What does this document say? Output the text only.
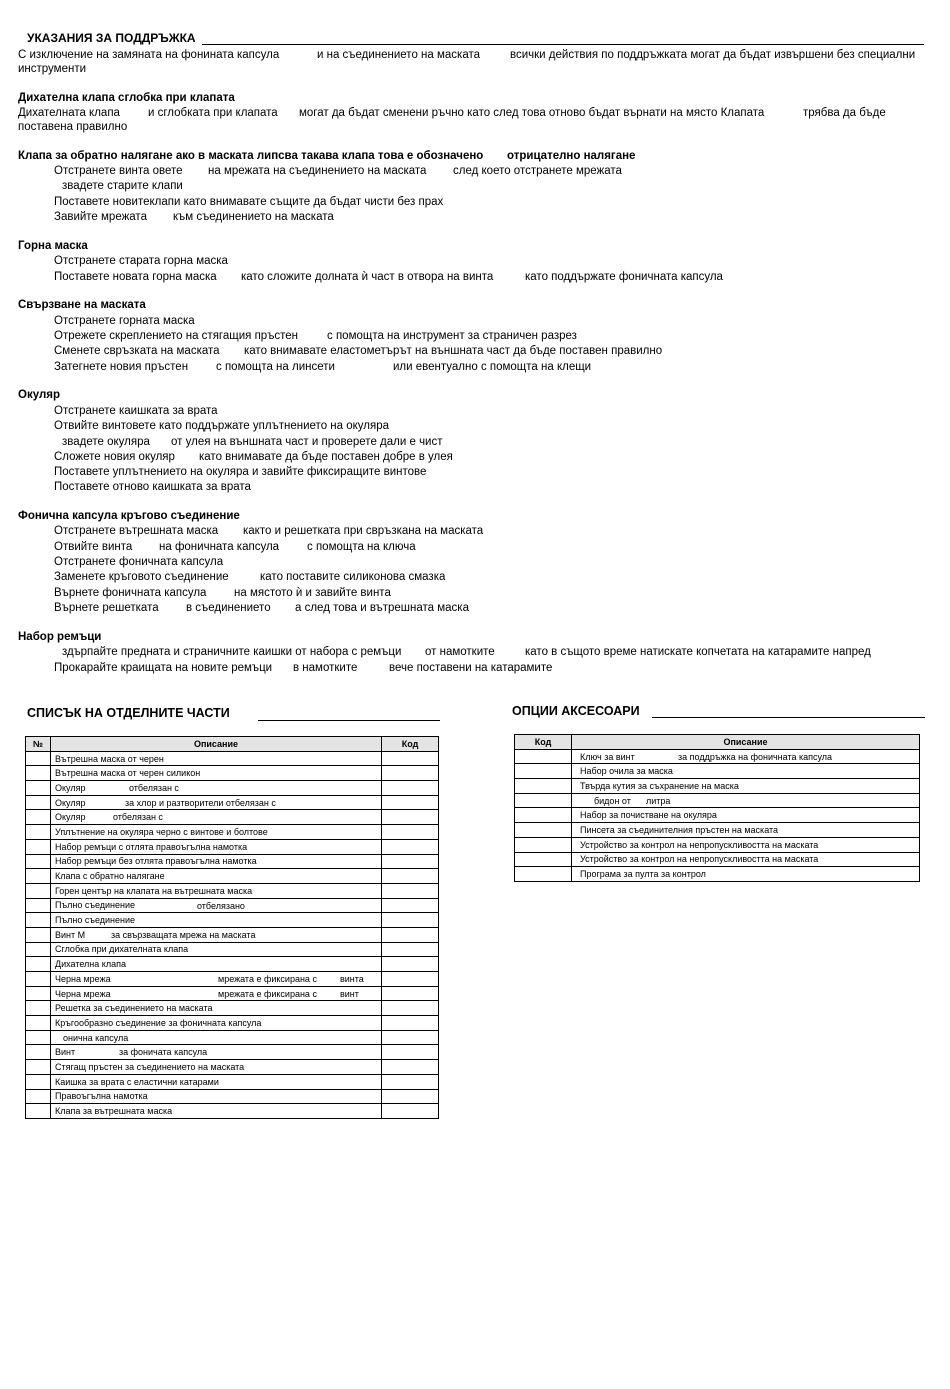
УКАЗАНИЯ ЗА ПОДДРЪЖКА
С изключение на замяната на фонината капсула	и на съединението на маската	всички действия по поддръжката могат да бъдат извършени без специални
инструменти
Дихателна клапа сглобка при клапата
Дихателната клапа и сглобката при клапата могат да бъдат сменени ръчно като след това отново бъдат върнати на място Клапата	трябва да бъде
поставена правилно
Клапа за обратно налягане ако в маската липсва такава клапа това е обозначено отрицателно налягане
Отстранете винта овете на мрежата на съединението на маската след което отстранете мрежата
звадете старите клапи
Поставете новитеклапи като внимавате същите да бъдат чисти без прах
Завийте мрежата към съединението на маската
Горна маска
Отстранете старата горна маска
Поставете новата горна маска като сложите долната ѝ част в отвора на винта	като поддържате фоничната капсула
Свързване на маската
Отстранете горната маска
Отрежете скреплението на стягащия пръстен	с помощта на инструмент за страничен разрез
Сменете свръзката на маската като внимавате еластометърът на външната част да бъде поставен правилно
Затегнете новия пръстен с помощта на линсети	или евентуално с помощта на клещи
Окуляр
Отстранете каишката за врата
Отвийте винтовете като поддържате уплътнението на окуляра
звадете окуляра от улея на външната част и проверете дали е чист
Сложете новия окуляр като внимавате да бъде поставен добре в улея
Поставете уплътнението на окуляра и завийте фиксиращите винтове
Поставете отново каишката за врата
Фонична капсула кръгово съединение
Отстранете вътрешната маска както и решетката при свръзкана на маската
Отвийте винта на фоничната капсула с помощта на ключа
Отстранете фоничната капсула
Заменете кръговото съединение	като поставите силиконова смазка
Върнете фоничната капсула на мястото ѝ и завийте винта
Върнете решетката в съединението а след това и вътрешната маска
Набор ремъци
здърпайте предната и страничните каишки от набора с ремъци от намотките	като в същото време натискате копчетата на катарамите напред
Прокарайте краищата на новите ремъци в намотките	вече поставени на катарамите
СПИСЪК НА ОТДЕЛНИТЕ ЧАСТИ
№	Описание	Код
	Вътрешна маска от черен	
	Вътрешна маска от черен силикон	
	Окуляр отбелязан с	

	Окуляр за хлор и разтворители отбелязан с	

	Окуляр отбелязан с	

	Уплътнение на окуляра черно с винтове и болтове	
	Набор ремъци с отлята правоъгълна намотка	
	Набор ремъци без отлята правоъгълна намотка	
	Клапа с обратно налягане	
	Горен център на клапата на вътрешната маска	
	Пълно съединение отбелязано	

	Пълно съединение	
	Винт М за свързващата мрежа на маската	

	Сглобка при дихателната клапа	
	Дихателна клапа	
	Черна мрежа мрежата е фиксирана с винта	

	Черна мрежа мрежата е фиксирана с винт	

	Решетка за съединението на маската	
	Кръгообразно съединение за фоничната капсула	
	онична капсула	
	Винт за фоничата капсула	

	Стягащ пръстен за съединението на маската	
	Каишка за врата с еластични катарами	
	Правоъгълна намотка	
	Клапа за вътрешната маска	
ОПЦИИ АКСЕСОАРИ
Код	Описание
	Ключ за винт за поддръжка на фоничната капсула

	Набор очила за маска
	Твърда кутия за съхранение на маска

	бидон от литра

	Набор за почистване на окуляра
	Пинсета за съединителния пръстен на маската
	Устройство за контрол на непропускливостта на маската
	Устройство за контрол на непропускливостта на маската
	Програма за пулта за контрол
